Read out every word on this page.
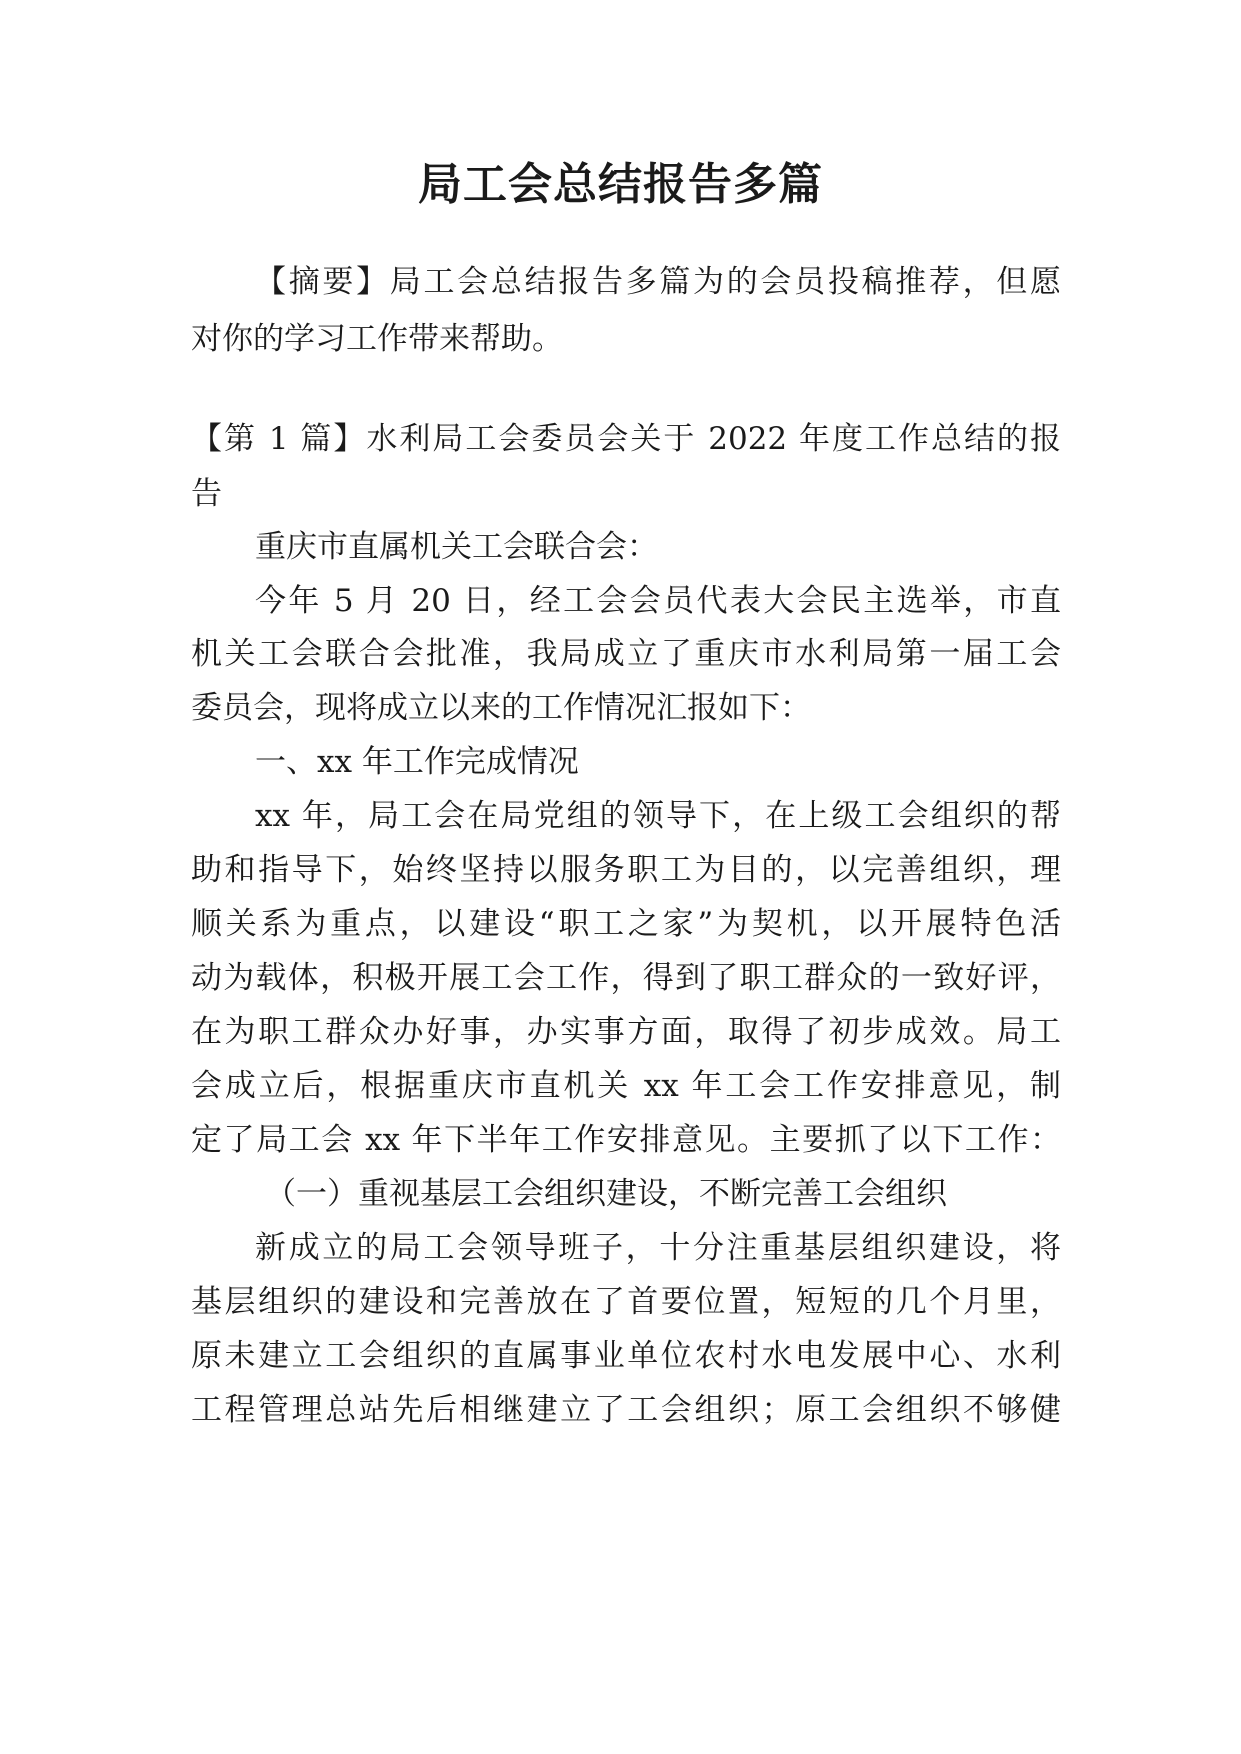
局工会总结报告多篇
【摘要】局工会总结报告多篇为的会员投稿推荐，但愿
对你的学习工作带来帮助。
【第 1 篇】水利局工会委员会关于 2022 年度工作总结的报
告
重庆市直属机关工会联合会：
今年 5 月 20 日，经工会会员代表大会民主选举，市直
机关工会联合会批准，我局成立了重庆市水利局第一届工会
委员会，现将成立以来的工作情况汇报如下：
一、xx 年工作完成情况
xx 年，局工会在局党组的领导下，在上级工会组织的帮
助和指导下，始终坚持以服务职工为目的，以完善组织，理
顺关系为重点，以建设“职工之家”为契机，以开展特色活
动为载体，积极开展工会工作，得到了职工群众的一致好评，
在为职工群众办好事，办实事方面，取得了初步成效。局工
会成立后，根据重庆市直机关 xx 年工会工作安排意见，制
定了局工会 xx 年下半年工作安排意见。主要抓了以下工作：
（一）重视基层工会组织建设，不断完善工会组织
新成立的局工会领导班子，十分注重基层组织建设，将
基层组织的建设和完善放在了首要位置，短短的几个月里，
原未建立工会组织的直属事业单位农村水电发展中心、水利
工程管理总站先后相继建立了工会组织；原工会组织不够健
